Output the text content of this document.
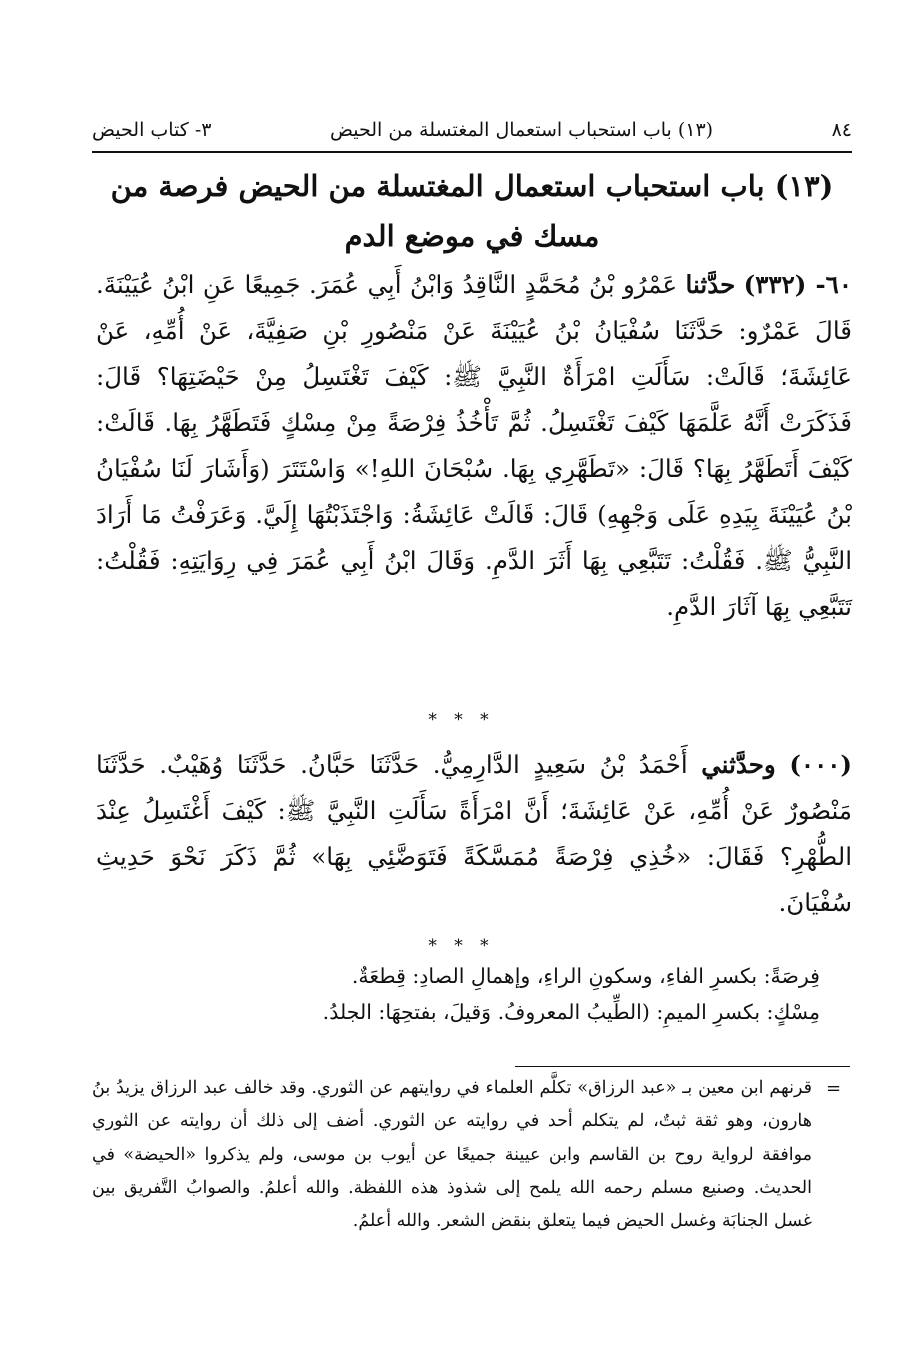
٨٤
(١٣) باب استحباب استعمال المغتسلة من الحيض
٣- كتاب الحيض
(١٣) باب استحباب استعمال المغتسلة من الحيض فرصة من مسك في موضع الدم
٦٠- (٣٣٢) حدَّثنا عَمْرُو بْنُ مُحَمَّدٍ النَّاقِدُ وَابْنُ أَبِي عُمَرَ. جَمِيعًا عَنِ ابْنُ عُيَيْنَةَ. قَالَ عَمْرٌو: حَدَّثَنَا سُفْيَانُ بْنُ عُيَيْنَةَ عَنْ مَنْصُورِ بْنِ صَفِيَّةَ، عَنْ أُمِّهِ، عَنْ عَائِشَةَ؛ قَالَتْ: سَأَلَتِ امْرَأَةٌ النَّبِيَّ ﷺ: كَيْفَ تَغْتَسِلُ مِنْ حَيْضَتِهَا؟ قَالَ: فَذَكَرَتْ أَنَّهُ عَلَّمَهَا كَيْفَ تَغْتَسِلُ. ثُمَّ تَأْخُذُ فِرْصَةً مِنْ مِسْكٍ فَتَطَهَّرُ بِهَا. قَالَتْ: كَيْفَ أَتَطَهَّرُ بِهَا؟ قَالَ: «تَطَهَّرِي بِهَا. سُبْحَانَ اللهِ!» وَاسْتَتَرَ (وَأَشَارَ لَنَا سُفْيَانُ بْنُ عُيَيْنَةَ بِيَدِهِ عَلَى وَجْهِهِ) قَالَ: قَالَتْ عَائِشَةُ: وَاجْتَذَبْتُهَا إِلَيَّ. وَعَرَفْتُ مَا أَرَادَ النَّبِيُّ ﷺ. فَقُلْتُ: تَتَبَّعِي بِهَا أَثَرَ الدَّمِ. وَقَالَ ابْنُ أَبِي عُمَرَ فِي رِوَايَتِهِ: فَقُلْتُ: تَتَبَّعِي بِهَا آثَارَ الدَّمِ.
* * *
(٠٠٠) وحدَّثني أَحْمَدُ بْنُ سَعِيدٍ الدَّارِمِيُّ. حَدَّثَنَا حَبَّانُ. حَدَّثَنَا وُهَيْبٌ. حَدَّثَنَا مَنْصُورٌ عَنْ أُمِّهِ، عَنْ عَائِشَةَ؛ أَنَّ امْرَأَةً سَأَلَتِ النَّبِيَّ ﷺ: كَيْفَ أَغْتَسِلُ عِنْدَ الطُّهْرِ؟ فَقَالَ: «خُذِي فِرْصَةً مُمَسَّكَةً فَتَوَضَّئِي بِهَا» ثُمَّ ذَكَرَ نَحْوَ حَدِيثِ سُفْيَانَ.
* * *
فِرصَةً: بكسرِ الفاءِ، وسكونِ الراءِ، وإهمالِ الصادِ: قِطعَةٌ.
مِسْكٍ: بكسرِ الميمِ: (الطِّيبُ المعروفُ. وَقيلَ، بفتحِهَا: الجلدُ.
=
قرنهم ابن معين بـ «عبد الرزاق» تكلَّم العلماء في روايتهم عن الثوري. وقد خالف عبد الرزاق يزيدُ بنُ هارون، وهو ثقة ثبتٌ، لم يتكلم أحد في روايته عن الثوري. أضف إلى ذلك أن روايته عن الثوري موافقة لرواية روح بن القاسم وابن عيينة جميعًا عن أيوب بن موسى، ولم يذكروا «الحيضة» في الحديث. وصنيع مسلم رحمه الله يلمح إلى شذوذ هذه اللفظة. والله أعلمُ. والصوابُ التَّفريق بين غسل الجنابَة وغسل الحيض فيما يتعلق بنقض الشعر. والله أعلمُ.
